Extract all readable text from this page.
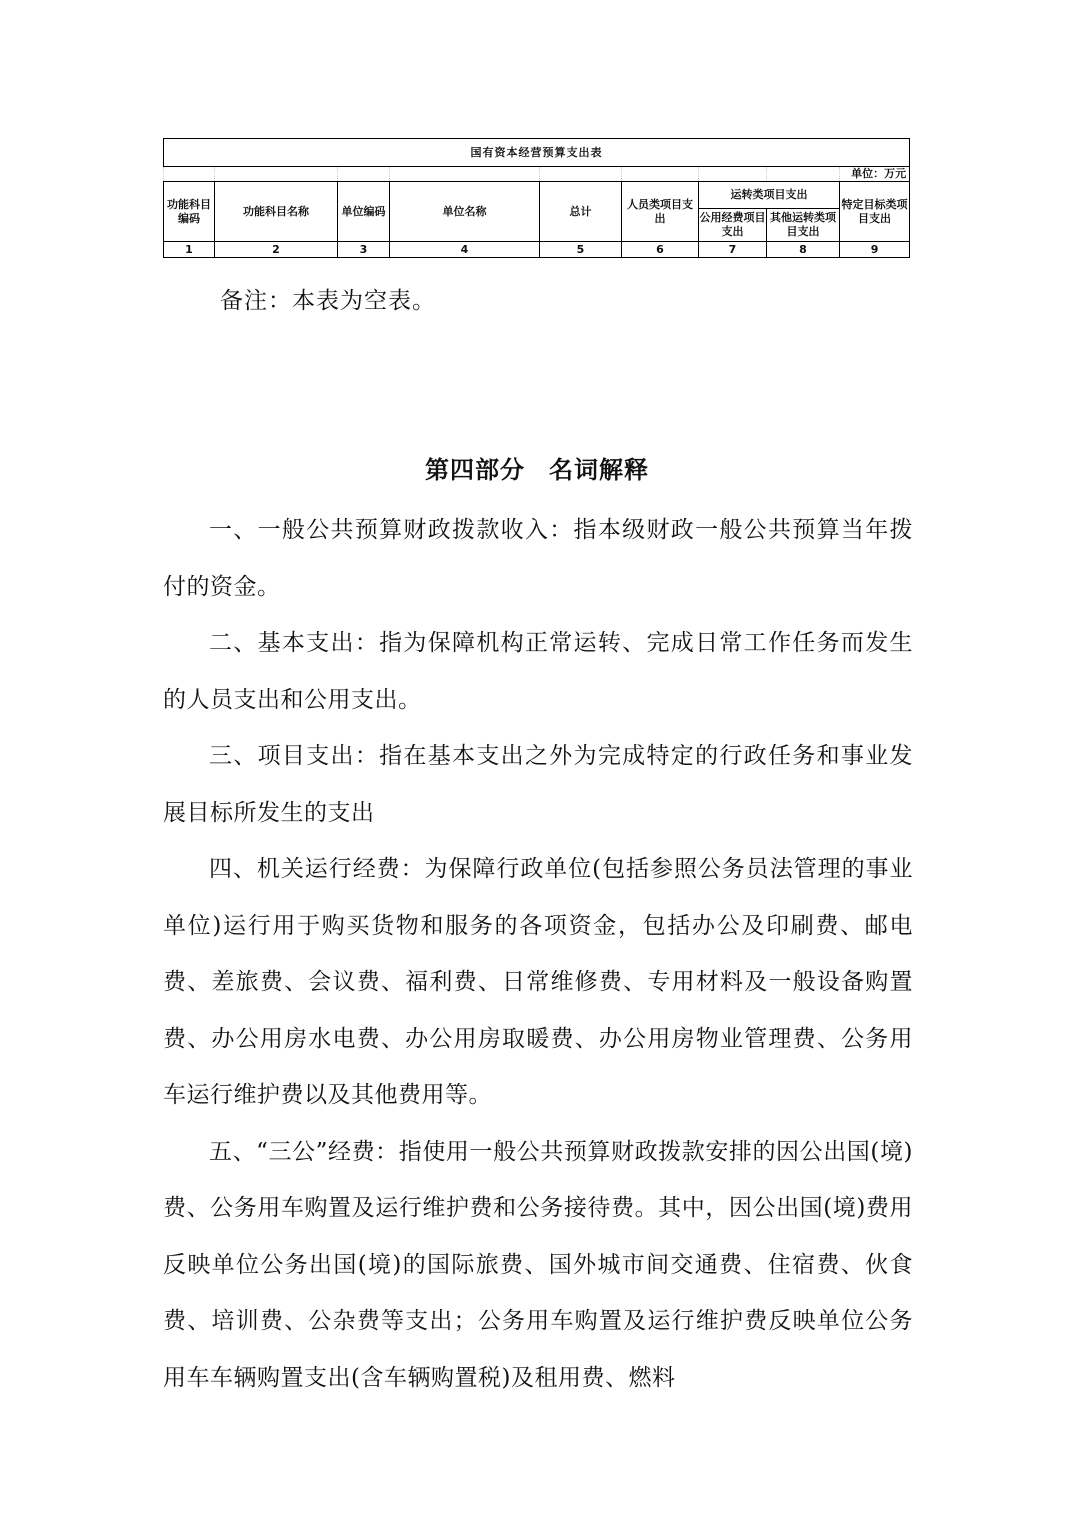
国有资本经营预算支出表								
								单位：万元
功能科目编码	功能科目名称	单位编码	单位名称	总计	人员类项目支出	运转类项目支出		特定目标类项目支出
						公用经费项目支出	其他运转类项目支出	
1	2	3	4	5	6	7	8	9
备注：本表为空表。
第四部分 名词解释

一、一般公共预算财政拨款收入：指本级财政一般公共预算当年拨付的资金。

二、基本支出：指为保障机构正常运转、完成日常工作任务而发生的人员支出和公用支出。

三、项目支出：指在基本支出之外为完成特定的行政任务和事业发展目标所发生的支出

四、机关运行经费：为保障行政单位(包括参照公务员法管理的事业单位)运行用于购买货物和服务的各项资金，包括办公及印刷费、邮电费、差旅费、会议费、福利费、日常维修费、专用材料及一般设备购置费、办公用房水电费、办公用房取暖费、办公用房物业管理费、公务用车运行维护费以及其他费用等。

五、“三公”经费：指使用一般公共预算财政拨款安排的因公出国(境)费、公务用车购置及运行维护费和公务接待费。其中，因公出国(境)费用反映单位公务出国(境)的国际旅费、国外城市间交通费、住宿费、伙食费、培训费、公杂费等支出；公务用车购置及运行维护费反映单位公务用车车辆购置支出(含车辆购置税)及租用费、燃料
